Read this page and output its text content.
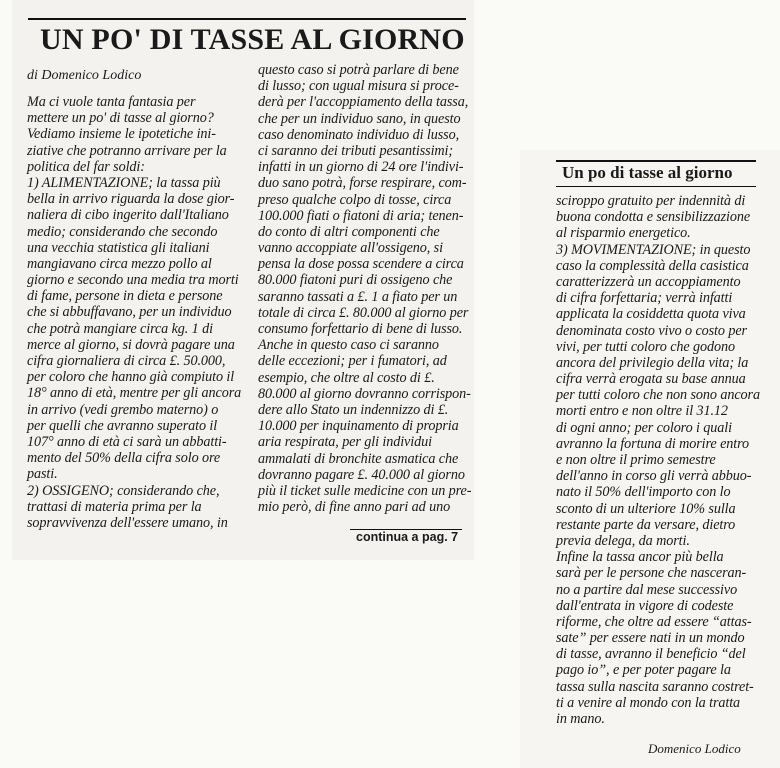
UN PO' DI TASSE AL GIORNO
di Domenico Lodico
Ma ci vuole tanta fantasia per
mettere un po' di tasse al giorno?
Vediamo insieme le ipotetiche ini-
ziative che potranno arrivare per la
politica del far soldi:
1) ALIMENTAZIONE; la tassa più
bella in arrivo riguarda la dose gior-
naliera di cibo ingerito dall'Italiano
medio; considerando che secondo
una vecchia statistica gli italiani
mangiavano circa mezzo pollo al
giorno e secondo una media tra morti
di fame, persone in dieta e persone
che si abbuffavano, per un individuo
che potrà mangiare circa kg. 1 di
merce al giorno, si dovrà pagare una
cifra giornaliera di circa £. 50.000,
per coloro che hanno già compiuto il
18° anno di età, mentre per gli ancora
in arrivo (vedi grembo materno) o
per quelli che avranno superato il
107° anno di età ci sarà un abbatti-
mento del 50% della cifra solo ore
pasti.
2) OSSIGENO; considerando che,
trattasi di materia prima per la
sopravvivenza dell'essere umano, in
questo caso si potrà parlare di bene
di lusso; con ugual misura si proce-
derà per l'accoppiamento della tassa,
che per un individuo sano, in questo
caso denominato individuo di lusso,
ci saranno dei tributi pesantissimi;
infatti in un giorno di 24 ore l'indivi-
duo sano potrà, forse respirare, com-
preso qualche colpo di tosse, circa
100.000 fiati o fiatoni di aria; tenen-
do conto di altri componenti che
vanno accoppiate all'ossigeno, si
pensa la dose possa scendere a circa
80.000 fiatoni puri di ossigeno che
saranno tassati a £. 1 a fiato per un
totale di circa £. 80.000 al giorno per
consumo forfettario di bene di lusso.
Anche in questo caso ci saranno
delle eccezioni; per i fumatori, ad
esempio, che oltre al costo di £.
80.000 al giorno dovranno corrispon-
dere allo Stato un indennizzo di £.
10.000 per inquinamento di propria
aria respirata, per gli individui
ammalati di bronchite asmatica che
dovranno pagare £. 40.000 al giorno
più il ticket sulle medicine con un pre-
mio però, di fine anno pari ad uno
continua a pag. 7
Un po di tasse al giorno
sciroppo gratuito per indennità di
buona condotta e sensibilizzazione
al risparmio energetico.
3) MOVIMENTAZIONE; in questo
caso la complessità della casistica
caratterizzerà un accoppiamento
di cifra forfettaria; verrà infatti
applicata la cosiddetta quota viva
denominata costo vivo o costo per
vivi, per tutti coloro che godono
ancora del privilegio della vita; la
cifra verrà erogata su base annua
per tutti coloro che non sono ancora
morti entro e non oltre il 31.12
di ogni anno; per coloro i quali
avranno la fortuna di morire entro
e non oltre il primo semestre
dell'anno in corso gli verrà abbuo-
nato il 50% dell'importo con lo
sconto di un ulteriore 10% sulla
restante parte da versare, dietro
previa delega, da morti.
Infine la tassa ancor più bella
sarà per le persone che nasceran-
no a partire dal mese successivo
dall'entrata in vigore di codeste
riforme, che oltre ad essere “attas-
sate” per essere nati in un mondo
di tasse, avranno il beneficio “del
pago io”, e per poter pagare la
tassa sulla nascita saranno costret-
ti a venire al mondo con la tratta
in mano.
Domenico Lodico
